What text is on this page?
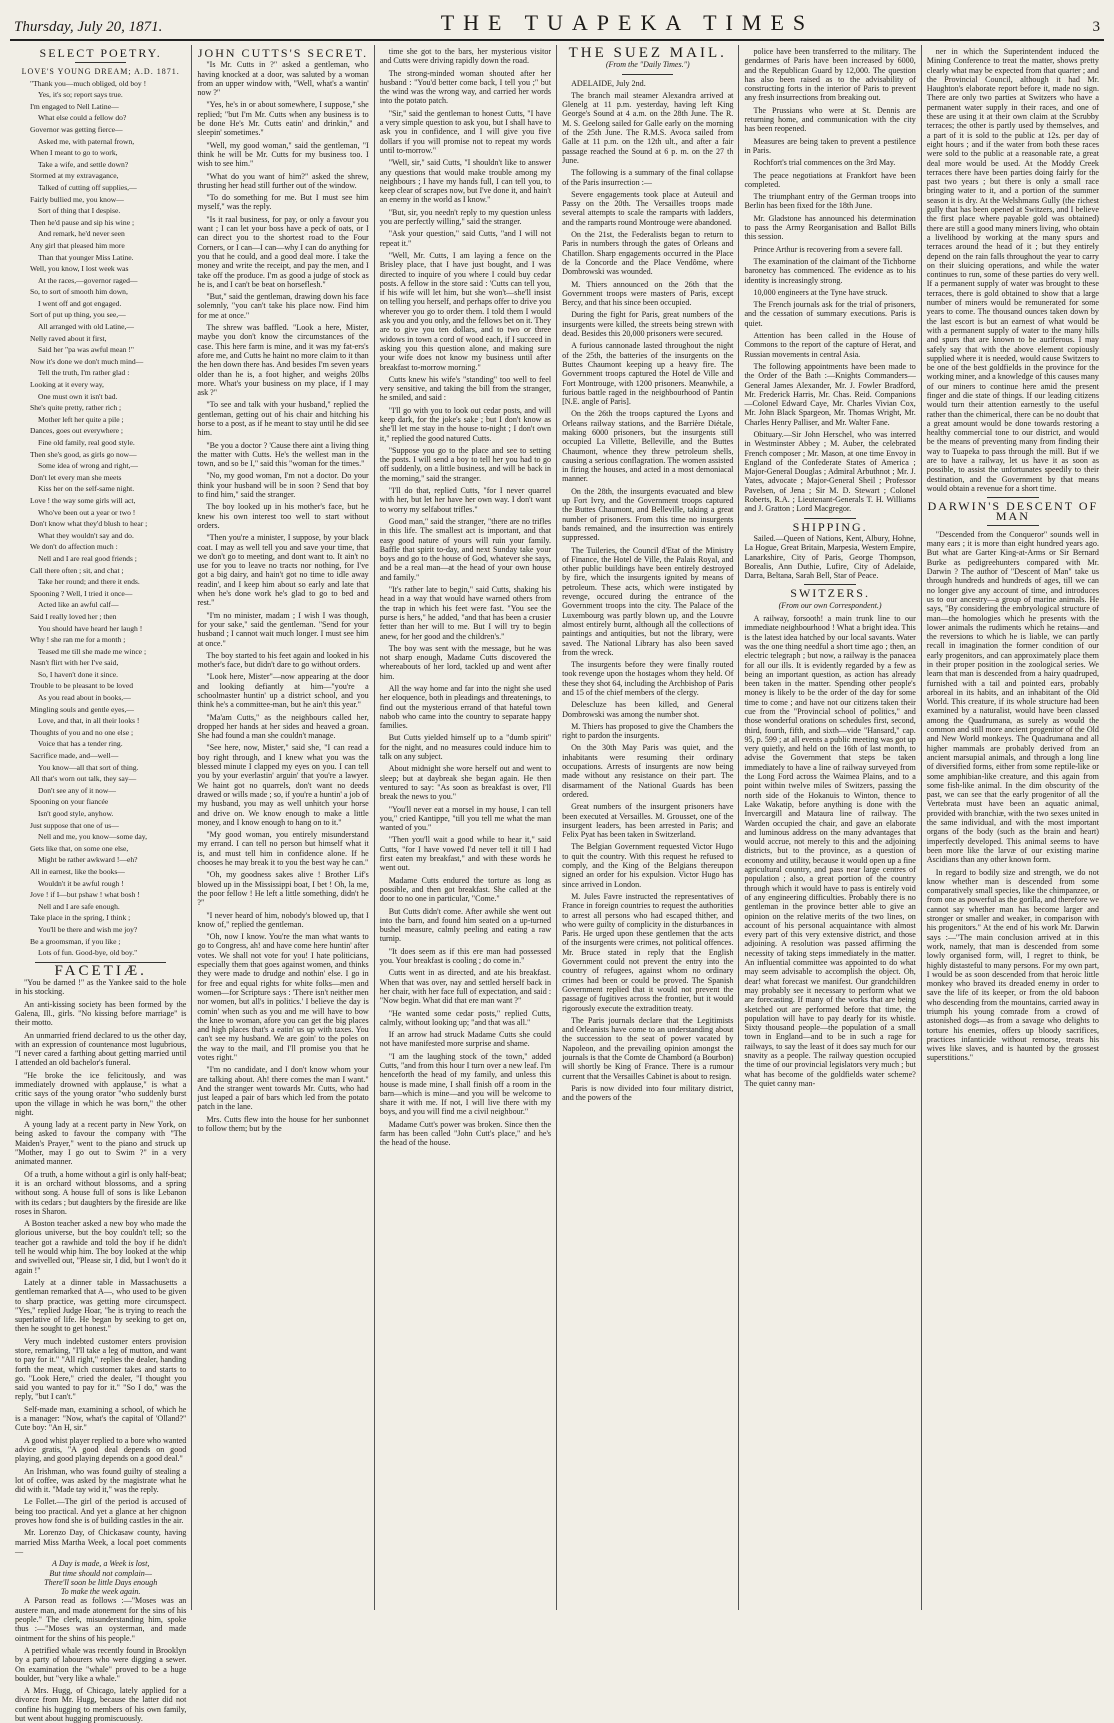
Thursday, July 20, 1871.	THE TUAPEKA TIMES	3
SELECT POETRY.
LOVE'S YOUNG DREAM; A.D. 1871.

"Thank you—much obliged, old boy !

Yes, it's so; report says true.

I'm engaged to Nell Latine—

What else could a fellow do?

Governor was getting fierce—

Asked me, with paternal frown,

When I meant to go to work,

Take a wife, and settle down?

Stormed at my extravagance,

Talked of cutting off supplies,—

Fairly bullied me, you know—

Sort of thing that I despise.

Then he'd pause and sip his wine ;

And remark, he'd never seen

Any girl that pleased him more

Than that younger Miss Latine.

Well, you know, I lost week was

At the races,—governor raged—

So, to sort of smooth him down,

I went off and got engaged.

Sort of put up thing, you see,—

All arranged with old Latine,—

Nelly raved about it first,

Said her "pa was awful mean !"

Now it's done we don't much mind—

Tell the truth, I'm rather glad :

Looking at it every way,

One must own it isn't bad.

She's quite pretty, rather rich ;

Mother left her quite a pile ;

Dances, goes out everywhere ;

Fine old family, real good style.

Then she's good, as girls go now—

Some idea of wrong and right,—

Don't let every man she meets

Kiss her on the self-same night.

Love ! the way some girls will act,

Who've been out a year or two !

Don't know what they'd blush to hear ;

What they wouldn't say and do.

We don't do affection much :

Nell and I are real good friends ;

Call there often ; sit, and chat ;

Take her round; and there it ends.

Spooning ? Well, I tried it once—

Acted like an awful calf—

Said I really loved her ; then

You should have heard her laugh !

Why ! she ran me for a month ;

Teased me till she made me wince ;

Nasn't flirt with her I've said,

So, I haven't done it since.

Trouble to be pleasant to be loved

As you read about in books,—

Mingling souls and gentle eyes,—

Love, and that, in all their looks !

Thoughts of you and no one else ;

Voice that has a tender ring.

Sacrifice made, and—well—

You know—all that sort of thing.

All that's worn out talk, they say—

Don't see any of it now—

Spooning on your fiancée

Isn't good style, anyhow.

Just suppose that one of us—

Nell and me, you know—some day,

Gets like that, on some one else,

Might be rather awkward !—eh?

All in earnest, like the books—

Wouldn't it be awful rough !

Jove ! if I—but pshaw ! what bosh !

Nell and I are safe enough.

Take place in the spring, I think ;

You'll be there and wish me joy?

Be a groomsman, if you like ;

Lots of fun. Good-bye, old boy."

FACETIÆ.

"You be darned !" as the Yankee said to the hole in his stocking.

An anti-kissing society has been formed by the Galena, Ill., girls. "No kissing before marriage" is their motto.

An unmarried friend declared to us the other day, with an expression of countenance most lugubrious, "I never cared a farthing about getting married until I attended an old bachelor's funeral.

"He broke the ice felicitously, and was immediately drowned with applause," is what a critic says of the young orator "who suddenly burst upon the village in which he was born," the other night.

A young lady at a recent party in New York, on being asked to favour the company with "The Maiden's Prayer," went to the piano and struck up "Mother, may I go out to Swim ?" in a very animated manner.

Of a truth, a home without a girl is only half-beat; it is an orchard without blossoms, and a spring without song. A house full of sons is like Lebanon with its cedars ; but daughters by the fireside are like roses in Sharon.

A Boston teacher asked a new boy who made the glorious universe, but the boy couldn't tell; so the teacher got a rawhide and told the boy if he didn't tell he would whip him. The boy looked at the whip and swivelled out, "Please sir, I did, but I won't do it again !"

Lately at a dinner table in Massachusetts a gentleman remarked that A—, who used to be given to sharp practice, was getting more circumspect. "Yes," replied Judge Hoar, "he is trying to reach the superlative of life. He began by seeking to get on, then he sought to get honest."

Very much indebted customer enters provision store, remarking, "I'll take a leg of mutton, and want to pay for it." "All right," replies the dealer, handing forth the meat, which customer takes and starts to go. "Look Here," cried the dealer, "I thought you said you wanted to pay for it." "So I do," was the reply, "but I can't."

Self-made man, examining a school, of which he is a manager: "Now, what's the capital of 'Olland?" Cute boy: "An H, sir."

A good whist player replied to a bore who wanted advice gratis, "A good deal depends on good playing, and good playing depends on a good deal."

An Irishman, who was found guilty of stealing a lot of coffee, was asked by the magistrate what he did with it. "Made tay wid it," was the reply.

Le Follet.—The girl of the period is accused of being too practical. And yet a glance at her chignon proves how fond she is of building castles in the air.

Mr. Lorenzo Day, of Chickasaw county, having married Miss Martha Week, a local poet comments—

A Day is made, a Week is lost,

But time should not complain—

There'll soon be little Days enough

To make the week again.

A Parson read as follows :—"Moses was an austere man, and made atonement for the sins of his people." The clerk, misunderstanding him, spoke thus :—"Moses was an oysterman, and made ointment for the shins of his people."

A petrified whale was recently found in Brooklyn by a party of labourers who were digging a sewer. On examination the "whale" proved to be a huge boulder, but "very like a whale."

A Mrs. Hugg, of Chicago, lately applied for a divorce from Mr. Hugg, because the latter did not confine his hugging to members of his own family, but went about hugging promiscuously.

JOHN CUTTS'S SECRET.

"Is Mr. Cutts in ?" asked a gentleman, who having knocked at a door, was saluted by a woman from an upper window with, "Well, what's a wantin' now ?"

"Yes, he's in or about somewhere, I suppose," she replied; "but I'm Mr. Cutts when any business is to be done He's Mr. Cutts eatin' and drinkin," and sleepin' sometimes."

"Well, my good woman," said the gentleman, "I think he will be Mr. Cutts for my business too. I wish to see him."

"What do you want of him?" asked the shrew, thrusting her head still further out of the window.

"To do something for me. But I must see him myself," was the reply.

"Is it raal business, for pay, or only a favour you want ; I can let your boss have a peck of oats, or I can direct you to the shortest road to the Four Corners, or I can—I can—why I can do anything for you that he could, and a good deal more. I take the money and write the receipt, and pay the men, and I take off the produce. I'm as good a judge of stock as he is, and I can't be beat on horseflesh."

"But," said the gentleman, drawing down his face solemnly, "you can't take his place now. Find him for me at once."

The shrew was baffled. "Look a here, Mister, maybe you don't know the circumstances of the case. This here farm is mine, and it was my fat-ers's afore me, and Cutts he haint no more claim to it than the hen down there has. And besides I'm seven years older than he is, a foot higher, and weighs 20lbs more. What's your business on my place, if I may ask ?"

"To see and talk with your husband," replied the gentleman, getting out of his chair and hitching his horse to a post, as if he meant to stay until he did see him.

"Be you a doctor ? 'Cause there aint a living thing the matter with Cutts. He's the wellest man in the town, and so be I," said this "woman for the times."

"No, my good woman, I'm not a doctor. Do your think your husband will be in soon ? Send that boy to find him," said the stranger.

The boy looked up in his mother's face, but he knew his own interest too well to start without orders.

"Then you're a minister, I suppose, by your black coat. I may as well tell you and save your time, that we don't go to meeting, and dont want to. It ain't no use for you to leave no tracts nor nothing, for I've got a big dairy, and hain't got no time to idle away readin', and I keep him about so early and late that when he's done work he's glad to go to bed and rest."

"I'm no minister, madam ; I wish I was though, for your sake," said the gentleman. "Send for your husband ; I cannot wait much longer. I must see him at once."

The boy started to his feet again and looked in his mother's face, but didn't dare to go without orders.

"Look here, Mister"—now appearing at the door and looking defiantly at him—"you're a schoolmaster huntin' up a district school, and you think he's a committee-man, but he ain't this year."

"Ma'am Cutts," as the neighbours called her, dropped her hands at her sides and heaved a groan. She had found a man she couldn't manage.

"See here, now, Mister," said she, "I can read a boy right through, and I knew what you was the blessed minute I clapped my eyes on you. I can tell you by your everlastin' arguin' that you're a lawyer. We haint got no quarrels, don't want no deeds drawed or wills made ; so, if you're a huntin' a job of my husband, you may as well unhitch your horse and drive on. We know enough to make a little money, and I know enough to hang on to it."

"My good woman, you entirely misunderstand my errand. I can tell no person but himself what it is, and must tell him in confidence alone. If he chooses he may break it to you the best way he can."

"Oh, my goodness sakes alive ! Brother Lif's blowed up in the Mississippi boat, I bet ! Oh, la me, the poor fellow ! He left a little something, didn't he ?"

"I never heard of him, nobody's blowed up, that I know of," replied the gentleman.

"Oh, now I know. You're the man what wants to go to Congress, ah! and have come here huntin' after votes. We shall not vote for you! I hate politicians, especially them that goes against women, and thinks they were made to drudge and nothin' else. I go in for free and equal rights for white folks—men and women—for Scripture says : 'There isn't neither men nor women, but all's in politics.' I believe the day is comin' when such as you and me will have to bow the knee to woman, afore you can get the big places and high places that's a eatin' us up with taxes. You can't see my husband. We are goin' to the poles on the way to the mail, and I'll promise you that he votes right."

"I'm no candidate, and I don't know whom your are talking about. Ah! there comes the man I want." And the stranger went towards Mr. Cutts, who had just leaped a pair of bars which led from the potato patch in the lane.

Mrs. Cutts flew into the house for her sunbonnet to follow them; but by the

time she got to the bars, her mysterious visitor and Cutts were driving rapidly down the road.

The strong-minded woman shouted after her husband : "You'd better come back, I tell you ;" but the wind was the wrong way, and carried her words into the potato patch.

"Sir," said the gentleman to honest Cutts, "I have a very simple question to ask you, but I shall have to ask you in confidence, and I will give you five dollars if you will promise not to repeat my words until to-morrow."

"Well, sir," said Cutts, "I shouldn't like to answer any questions that would make trouble among my neighbours ; I have my hands full, I can tell you, to keep clear of scrapes now, but I've done it, and hain't an enemy in the world as I know."

"But, sir, you needn't reply to my question unless you are perfectly willing," said the stranger.

"Ask your question," said Cutts, "and I will not repeat it."

"Well, Mr. Cutts, I am laying a fence on the Brisley place, that I have just bought, and I was directed to inquire of you where I could buy cedar posts. A fellow in the store said : 'Cutts can tell you, if his wife will let him, but she won't—she'll insist on telling you herself, and perhaps offer to drive you wherever you go to order them. I told them I would ask you and you only, and the fellows bet on it. They are to give you ten dollars, and to two or three widows in town a cord of wood each, if I succeed in asking you this question alone, and making sure your wife does not know my business until after breakfast to-morrow morning."

Cutts knew his wife's "standing" too well to feel very sensitive, and taking the bill from the stranger, he smiled, and said :

"I'll go with you to look out cedar posts, and will keep dark, for the joke's sake ; but I don't know as she'll let me stay in the house to-night ; I don't own it," replied the good natured Cutts.

"Suppose you go to the place and see to setting the posts. I will send a boy to tell her you had to go off suddenly, on a little business, and will be back in the morning," said the stranger.

"I'll do that, replied Cutts, "for I never quarrel with her, but let her have her own way. I don't want to worry my selfabout trifles."

Good man," said the stranger, "there are no trifles in this life. The smallest act is important, and that easy good nature of yours will ruin your family. Baffle that spirit to-day, and next Sunday take your boys and go to the house of God, whatever she says, and be a real man—at the head of your own house and family."

"It's rather late to begin," said Cutts, shaking his head in a way that would have warned others from the trap in which his feet were fast. "You see the purse is hers," he added, "and that has been a crusier fetter than her will to me. But I will try to begin anew, for her good and the children's."

The boy was sent with the message, but he was not sharp enough, Madame Cutts discovered the whereabouts of her lord, tackled up and went after him.

All the way home and far into the night she used her eloquence, both in pleadings and threatenings, to find out the mysterious errand of that hateful town nabob who came into the country to separate happy families.

But Cutts yielded himself up to a "dumb spirit" for the night, and no measures could induce him to talk on any subject.

About midnight she wore herself out and went to sleep; but at daybreak she began again. He then ventured to say: "As soon as breakfast is over, I'll break the news to you."

"You'll never eat a morsel in my house, I can tell you," cried Kantippe, "till you tell me what the man wanted of you."

"Then you'll wait a good while to hear it," said Cutts, "for I have vowed I'd never tell it till I had first eaten my breakfast," and with these words he went out.

Madame Cutts endured the torture as long as possible, and then got breakfast. She called at the door to no one in particular, "Come."

But Cutts didn't come. After awhile she went out into the barn, and found him seated on a up-turned bushel measure, calmly peeling and eating a raw turnip.

"It does seem as if this ere man had possessed you. Your breakfast is cooling ; do come in."

Cutts went in as directed, and ate his breakfast. When that was over, nay and settled herself back in her chair, with her face full of expectation, and said : "Now begin. What did that ere man want ?"

"He wanted some cedar posts," replied Cutts, calmly, without looking up; "and that was all."

If an arrow had struck Madame Cutts she could not have manifested more surprise and shame.

"I am the laughing stock of the town," added Cutts, "and from this hour I turn over a new leaf. I'm henceforth the head of my family, and unless this house is made mine, I shall finish off a room in the barn—which is mine—and you will be welcome to share it with me. If not, I will live there with my boys, and you will find me a civil neighbour."

Madame Cutt's power was broken. Since then the farm has been called "John Cutt's place," and he's the head of the house.

THE SUEZ MAIL.
(From the "Daily Times.")

ADELAIDE, July 2nd.

The branch mail steamer Alexandra arrived at Glenelg at 11 p.m. yesterday, having left King George's Sound at 4 a.m. on the 28th June. The R. M. S. Geelong sailed for Galle early on the morning of the 25th June. The R.M.S. Avoca sailed from Galle at 11 p.m. on the 12th ult., and after a fair passage reached the Sound at 6 p. m. on the 27 th June.

The following is a summary of the final collapse of the Paris insurrection :—

Severe engagements took place at Auteuil and Passy on the 20th. The Versailles troops made several attempts to scale the ramparts with ladders, and the ramparts round Montrouge were abandoned.

On the 21st, the Federalists began to return to Paris in numbers through the gates of Orleans and Chatillon. Sharp engagements occurred in the Place de la Concorde and the Place Vendôme, where Dombrowski was wounded.

M. Thiers announced on the 26th that the Government troops were masters of Paris, except Bercy, and that his since been occupied.

During the fight for Paris, great numbers of the insurgents were killed, the streets being strewn with dead. Besides this 20,000 prisoners were secured.

A furious cannonade lasted throughout the night of the 25th, the batteries of the insurgents on the Buttes Chaumont keeping up a heavy fire. The Government troops captured the Hotel de Ville and Fort Montrouge, with 1200 prisoners. Meanwhile, a furious battle raged in the neighbourhood of Pantin [N.E. angle of Paris].

On the 26th the troops captured the Lyons and Orleans railway stations, and the Barrière Diétale, making 6000 prisoners, but the insurgents still occupied La Villette, Belleville, and the Buttes Chaumont, whence they threw petroleum shells, causing a serious conflagration. The women assisted in firing the houses, and acted in a most demoniacal manner.

On the 28th, the insurgents evacuated and blew up Fort Ivry, and the Government troops captured the Buttes Chaumont, and Belleville, taking a great number of prisoners. From this time no insurgents bands remained, and the insurrection was entirely suppressed.

The Tuileries, the Council d'Etat of the Ministry of Finance, the Hotel de Ville, the Palais Royal, and other public buildings have been entirely destroyed by fire, which the insurgents ignited by means of petroleum. These acts, which were instigated by revenge, occured during the entrance of the Government troops into the city. The Palace of the Luxembourg was partly blown up, and the Louvre almost entirely burnt, although all the collections of paintings and antiquities, but not the library, were saved. The National Library has also been saved from the wreck.

The insurgents before they were finally routed took revenge upon the hostages whom they held. Of these they shot 64, including the Archbishop of Paris and 15 of the chief members of the clergy.

Delescluze has been killed, and General Dombrowski was among the number shot.

M. Thiers has proposed to give the Chambers the right to pardon the insurgents.

On the 30th May Paris was quiet, and the inhabitants were resuming their ordinary occupations. Arrests of insurgents are now being made without any resistance on their part. The disarmament of the National Guards has been ordered.

Great numbers of the insurgent prisoners have been executed at Versailles. M. Grousset, one of the insurgent leaders, has been arrested in Paris; and Felix Pyat has been taken in Switzerland.

The Belgian Government requested Victor Hugo to quit the country. With this request he refused to comply, and the King of the Belgians thereupon signed an order for his expulsion. Victor Hugo has since arrived in London.

M. Jules Favre instructed the representatives of France in foreign countries to request the authorities to arrest all persons who had escaped thither, and who were guilty of complicity in the disturbances in Paris. He urged upon these gentlemen that the acts of the insurgents were crimes, not political offences. Mr. Bruce stated in reply that the English Government could not prevent the entry into the country of refugees, against whom no ordinary crimes had been or could be proved. The Spanish Government replied that it would not prevent the passage of fugitives across the frontier, but it would rigorously execute the extradition treaty.

The Paris journals declare that the Legitimists and Orleanists have come to an understanding about the succession to the seat of power vacated by Napoleon, and the prevailing opinion amongst the journals is that the Comte de Chambord (a Bourbon) will shortly be King of France. There is a rumour current that the Versailles Cabinet is about to resign.

Paris is now divided into four military district, and the powers of the

police have been transferred to the military. The gendarmes of Paris have been increased by 6000, and the Republican Guard by 12,000. The question has also been raised as to the advisability of constructing forts in the interior of Paris to prevent any fresh insurrections from breaking out.

The Prussians who were at St. Dennis are returning home, and communication with the city has been reopened.

Measures are being taken to prevent a pestilence in Paris.

Rochfort's trial commences on the 3rd May.

The peace negotiations at Frankfort have been completed.

The triumphant entry of the German troops into Berlin has been fixed for the 18th June.

Mr. Gladstone has announced his determination to pass the Army Reorganisation and Ballot Bills this session.

Prince Arthur is recovering from a severe fall.

The examination of the claimant of the Tichborne baronetcy has commenced. The evidence as to his identity is increasingly strong.

10,000 engineers at the Tyne have struck.

The French journals ask for the trial of prisoners, and the cessation of summary executions. Paris is quiet.

Attention has been called in the House of Commons to the report of the capture of Herat, and Russian movements in central Asia.

The following appointments have been made to the Order of the Bath :—Knights Commanders—General James Alexander, Mr. J. Fowler Bradford, Mr. Frederick Harris, Mr. Chas. Reid. Companions—Colonel Edward Caye, Mr. Charles Vivian Cox, Mr. John Black Spargeon, Mr. Thomas Wright, Mr. Charles Henry Palliser, and Mr. Walter Fane.

Obituary.—Sir John Herschel, who was interred in Westminster Abbey ; M. Auber, the celebrated French composer ; Mr. Mason, at one time Envoy in England of the Confederate States of America ; Major-General Douglas ; Admiral Arbuthnot ; Mr. J. Yates, advocate ; Major-General Sheil ; Professor Pavelsen, of Jena ; Sir M. D. Stewart ; Colonel Roberts, R.A. ; Lieutenant-Generals T. H. Williams and J. Gratton ; Lord Macgregor.

SHIPPING.

Sailed.—Queen of Nations, Kent, Albury, Hohne, La Hogue, Great Britain, Marpesia, Western Empire, Lanarkshire, City of Paris, George Thompson, Borealis, Ann Duthie, Lufire, City of Adelaide, Darra, Beltana, Sarah Bell, Star of Peace.

SWITZERS.
(From our own Correspondent.)

A railway, forsooth! a main trunk line to our immediate neighbourhood ! What a bright idea. This is the latest idea hatched by our local savants. Water was the one thing needful a short time ago ; then, an electric telegraph ; but now, a railway is the panacea for all our ills. It is evidently regarded by a few as being an important question, as action has already been taken in the matter. Spending other people's money is likely to be the order of the day for some time to come ; and have not our citizens taken their cue from the "Provincial school of politics," and those wonderful orations on schedules first, second, third, fourth, fifth, and sixth—vide "Hansard," cap. 95, p. 599 ; at all events a public meeting was got up very quietly, and held on the 16th of last month, to advise the Government that steps be taken immediately to have a line of railway surveyed from the Long Ford across the Waimea Plains, and to a point within twelve miles of Switzers, passing the north side of the Hokanuis to Winton, thence to Lake Wakatip, before anything is done with the Invercargill and Mataura line of railway. The Warden occupied the chair, and gave an elaborate and luminous address on the many advantages that would accrue, not merely to this and the adjoining districts, but to the province, as a question of economy and utility, because it would open up a fine agricultural country, and pass near large centres of population ; also, a great portion of the country through which it would have to pass is entirely void of any engineering difficulties. Probably there is no gentleman in the province better able to give an opinion on the relative merits of the two lines, on account of his personal acquaintance with almost every part of this very extensive district, and those adjoining. A resolution was passed affirming the necessity of taking steps immediately in the matter. An influential committee was appointed to do what may seem advisable to accomplish the object. Oh, dear! what forecast we manifest. Our grandchildren may probably see it necessary to perform what we are forecasting. If many of the works that are being sketched out are performed before that time, the population will have to pay dearly for its whistle. Sixty thousand people—the population of a small town in England—and to be in such a rage for railways, to say the least of it does say much for our snavity as a people. The railway question occupied the time of our provincial legislators very much ; but what has become of the goldfields water scheme? The quiet canny man-

ner in which the Superintendent induced the Mining Conference to treat the matter, shows pretty clearly what may be expected from that quarter ; and the Provincial Council, although it had Mr. Haughton's elaborate report before it, made no sign. There are only two parties at Switzers who have a permanent water supply in their races, and one of these are using it at their own claim at the Scrubby terraces; the other is partly used by themselves, and a part of it is sold to the public at 12s. per day of eight hours ; and if the water from both these races were sold to the public at a reasonable rate, a great deal more would be used. At the Moddy Creek terraces there have been parties doing fairly for the past two years ; but there is only a small race bringing water to it, and a portion of the summer season it is dry. At the Welshmans Gully (the richest gully that has been opened at Switzers, and I believe the first place where payable gold was obtained) there are still a good many miners living, who obtain a livelihood by working at the many spurs and terraces around the head of it ; but they entirely depend on the rain falls throughout the year to carry on their sluicing operations, and while the water continues to run, some of these parties do very well. If a permanent supply of water was brought to these terraces, there is gold obtained to show that a large number of miners would be remunerated for some years to come. The thousand ounces taken down by the last escort is but an earnest of what would be with a permanent supply of water to the many hills and spurs that are known to be auriferous. I may safely say that with the above element copiously supplied where it is needed, would cause Switzers to be one of the best goldfields in the province for the working miner, and a knowledge of this causes many of our miners to continue here amid the present finger and die state of things. If our leading citizens would turn their attention earnestly to the useful rather than the chimerical, there can be no doubt that a great amount would be done towards restoring a healthy commercial tone to our district, and would be the means of preventing many from finding their way to Tuapeka to pass through the mill. But if we are to have a railway, let us have it as soon as possible, to assist the unfortunates speedily to their destination, and the Government by that means would obtain a revenue for a short time.

DARWIN'S DESCENT OF MAN

"Descended from the Conqueror" sounds well in many ears ; it is more than eight hundred years ago. But what are Garter King-at-Arms or Sir Bernard Burke as pedigreehunters compared with Mr. Darwin ? The author of "Descent of Man" take us through hundreds and hundreds of ages, till we can no longer give any account of time, and introduces us to our ancestry—a group of marine animals. He says, "By considering the embryological structure of man—the homologies which he presents with the lower animals the rudiments which he retains—and the reversions to which he is liable, we can partly recall in imagination the former condition of our early progenitors, and can approximately place them in their proper position in the zoological series. We learn that man is descended from a hairy quadruped, furnished with a tail and pointed ears, probably arboreal in its habits, and an inhabitant of the Old World. This creature, if its whole structure had been examined by a naturalist, would have been classed among the Quadrumana, as surely as would the common and still more ancient progenitor of the Old and New World monkeys. The Quadrumana and all higher mammals are probably derived from an ancient marsupial animals, and through a long line of diversified forms, either from some reptile-like or some amphibian-like creature, and this again from some fish-like animal. In the dim obscurity of the past, we can see that the early progenitor of all the Vertebrata must have been an aquatic animal, provided with branchiæ, with the two sexes united in the same individual, and with the most important organs of the body (such as the brain and heart) imperfectly developed. This animal seems to have been more like the larvæ of our existing marine Ascidians than any other known form.

In regard to bodily size and strength, we do not know whether man is descended from some comparatively small species, like the chimpanzee, or from one as powerful as the gorilla, and therefore we cannot say whether man has become larger and stronger or smaller and weaker, in comparison with his progenitors." At the end of his work Mr. Darwin says :—"The main conclusion arrived at in this work, namely, that man is descended from some lowly organised form, will, I regret to think, be highly distasteful to many persons. For my own part, I would be as soon descended from that heroic little monkey who braved its dreaded enemy in order to save the life of its keeper, or from the old baboon who descending from the mountains, carried away in triumph his young comrade from a crowd of astonished dogs—as from a savage who delights to torture his enemies, offers up bloody sacrifices, practices infanticide without remorse, treats his wives like slaves, and is haunted by the grossest superstitions."
